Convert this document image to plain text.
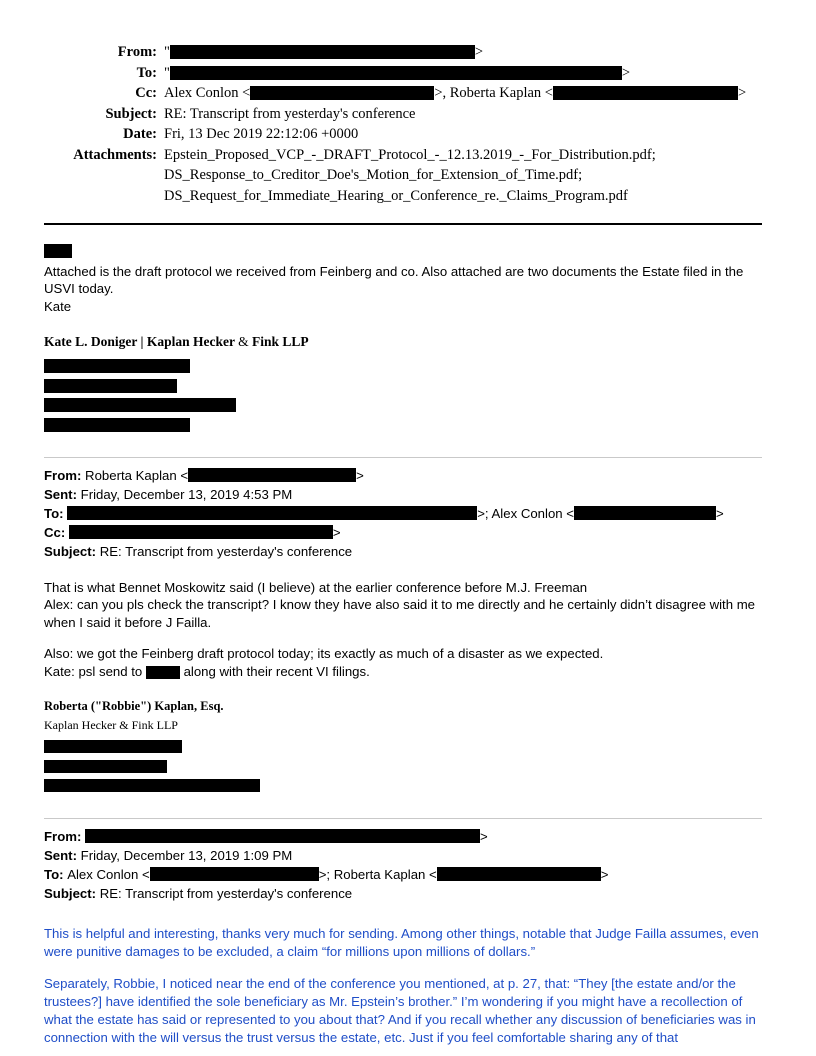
From: "	>
To: "	>
Cc: Alex Conlon <	>, Roberta Kaplan <	>
Subject: RE: Transcript from yesterday's conference
Date: Fri, 13 Dec 2019 22:12:06 +0000
Attachments: Epstein_Proposed_VCP_-_DRAFT_Protocol_-_12.13.2019_-_For_Distribution.pdf;
DS_Response_to_Creditor_Doe's_Motion_for_Extension_of_Time.pdf;
DS_Request_for_Immediate_Hearing_or_Conference_re._Claims_Program.pdf

Attached is the draft protocol we received from Feinberg and co. Also attached are two documents the Estate filed in the USVI today.

Kate

Kate L. Doniger | Kaplan Hecker & Fink LLP
From:
Roberta Kaplan <	>
Sent:
Friday, December 13, 2019 4:53 PM
To:
	>; Alex Conlon <	>
Cc:
	>
Subject:
RE: Transcript from yesterday's conference

That is what Bennet Moskowitz said (I believe) at the earlier conference before M.J. Freeman

Alex: can you pls check the transcript? I know they have also said it to me directly and he certainly didn’t disagree with me when I said it before J Failla.

Also: we got the Feinberg draft protocol today; its exactly as much of a disaster as we expected.

Kate: psl send to	along with their recent VI filings.

Roberta ("Robbie") Kaplan, Esq.
Kaplan Hecker & Fink LLP
From:
	>
Sent:
Friday, December 13, 2019 1:09 PM
To:
Alex Conlon <	>; Roberta Kaplan <	>
Subject:
RE: Transcript from yesterday's conference

This is helpful and interesting, thanks very much for sending. Among other things, notable that Judge Failla assumes, even were punitive damages to be excluded, a claim “for millions upon millions of dollars.”

Separately, Robbie, I noticed near the end of the conference you mentioned, at p. 27, that: “They [the estate and/or the trustees?] have identified the sole beneficiary as Mr. Epstein’s brother.” I’m wondering if you might have a recollection of what the estate has said or represented to you about that? And if you recall whether any discussion of beneficiaries was in connection with the will versus the trust versus the estate, etc. Just if you feel comfortable sharing any of that
